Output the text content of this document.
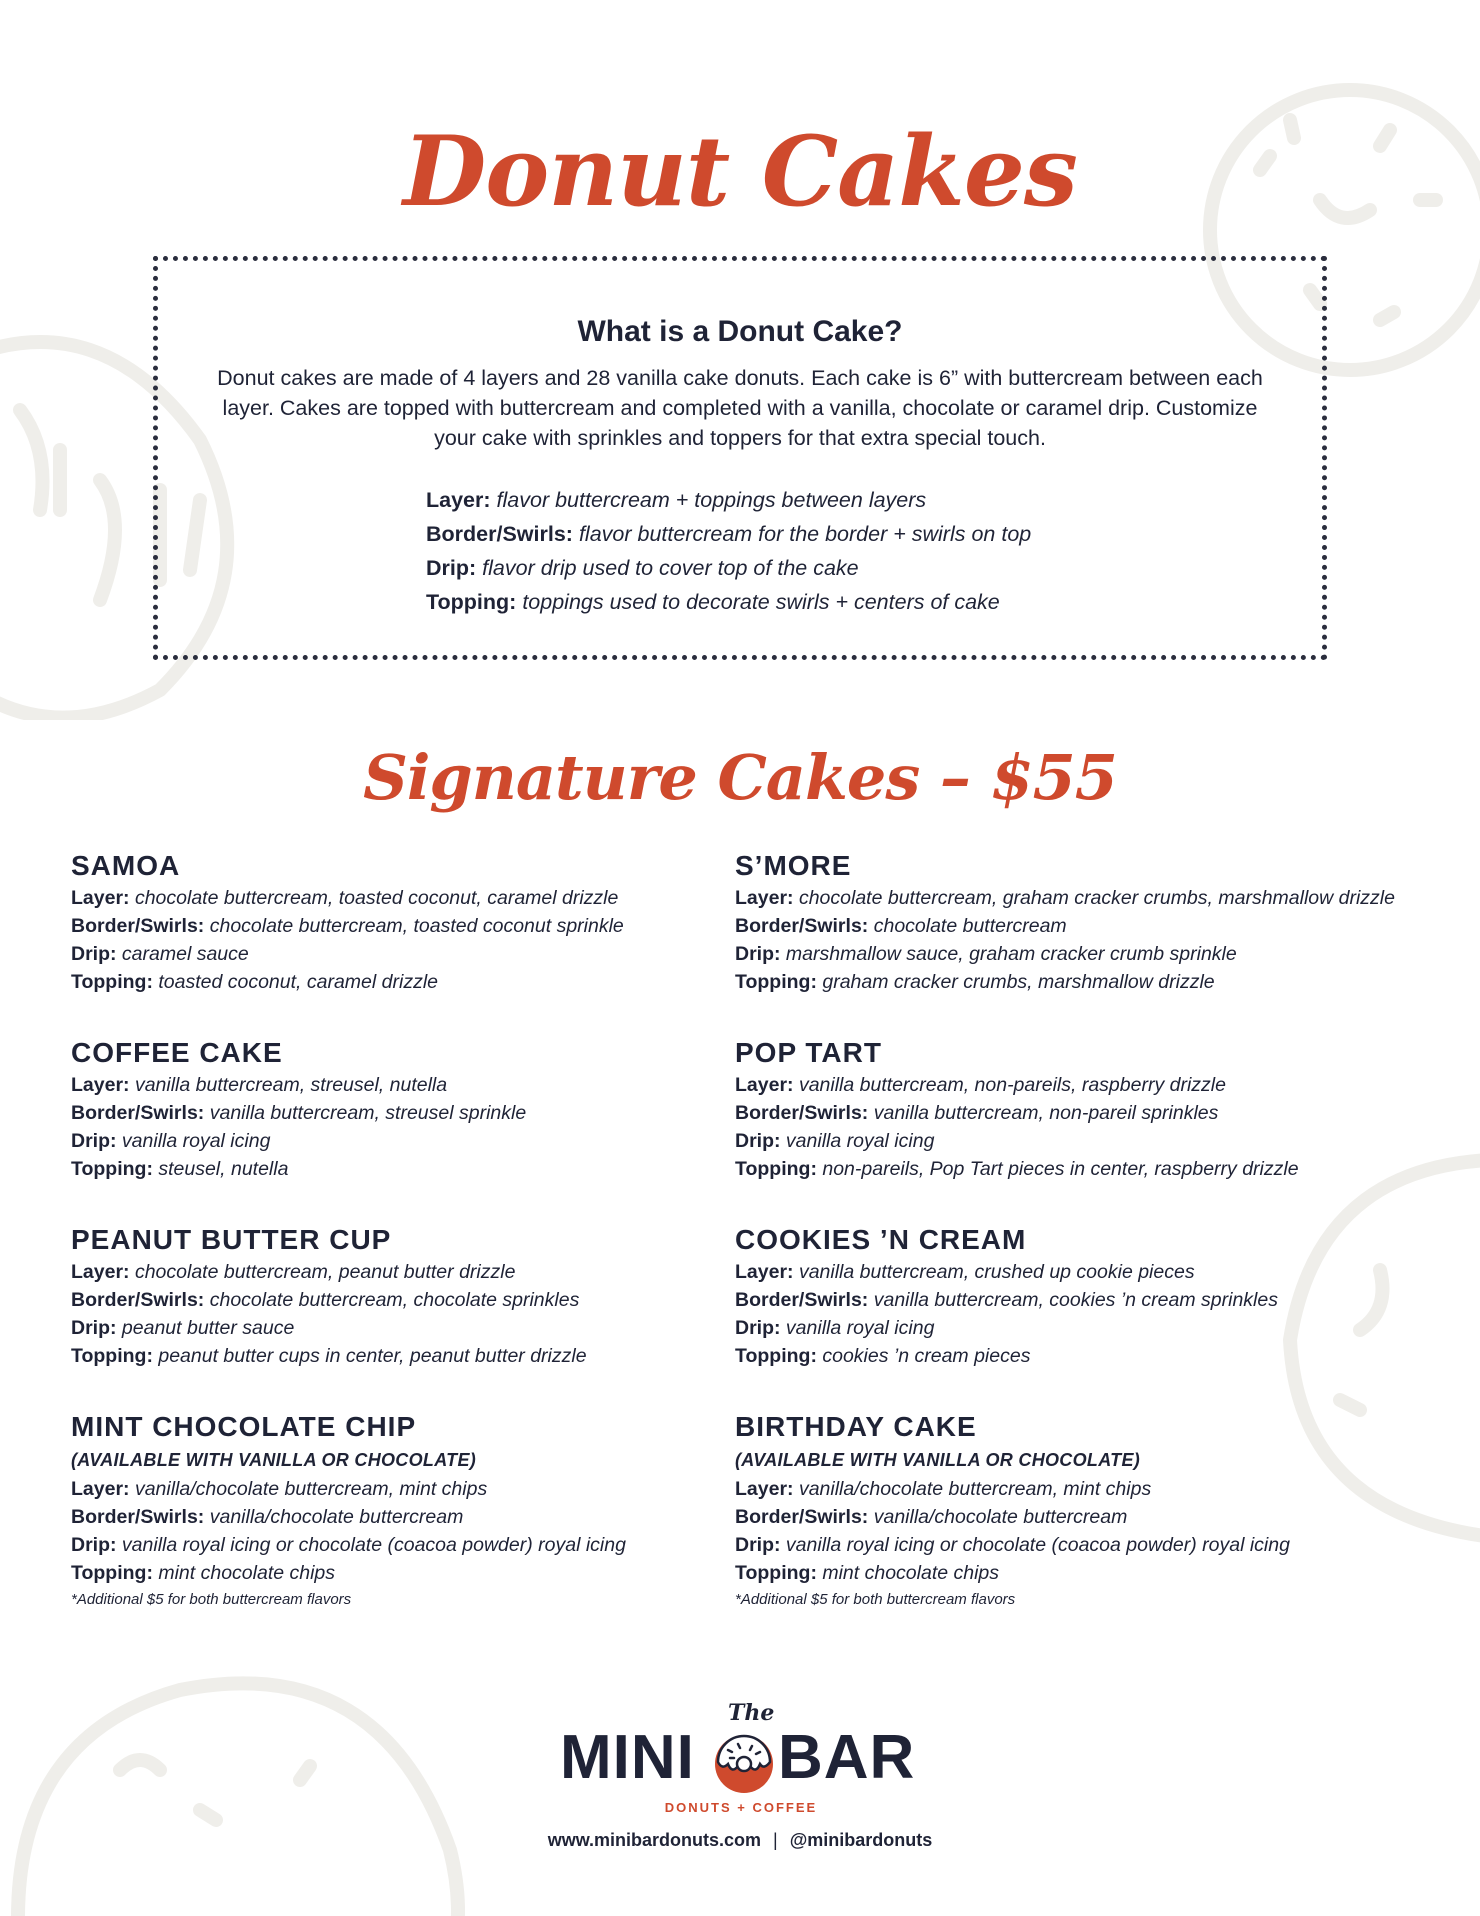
Donut Cakes
What is a Donut Cake?
Donut cakes are made of 4 layers and 28 vanilla cake donuts. Each cake is 6” with buttercream between each layer. Cakes are topped with buttercream and completed with a vanilla, chocolate or caramel drip. Customize your cake with sprinkles and toppers for that extra special touch.
Layer: flavor buttercream + toppings between layers
Border/Swirls: flavor buttercream for the border + swirls on top
Drip: flavor drip used to cover top of the cake
Topping: toppings used to decorate swirls + centers of cake
Signature Cakes – $55
SAMOA
Layer: chocolate buttercream, toasted coconut, caramel drizzle
Border/Swirls: chocolate buttercream, toasted coconut sprinkle
Drip: caramel sauce
Topping: toasted coconut, caramel drizzle
COFFEE CAKE
Layer: vanilla buttercream, streusel, nutella
Border/Swirls: vanilla buttercream, streusel sprinkle
Drip: vanilla royal icing
Topping: steusel, nutella
PEANUT BUTTER CUP
Layer: chocolate buttercream, peanut butter drizzle
Border/Swirls: chocolate buttercream, chocolate sprinkles
Drip: peanut butter sauce
Topping: peanut butter cups in center, peanut butter drizzle
MINT CHOCOLATE CHIP
(AVAILABLE WITH VANILLA OR CHOCOLATE)
Layer: vanilla/chocolate buttercream, mint chips
Border/Swirls: vanilla/chocolate buttercream
Drip: vanilla royal icing or chocolate (coacoa powder) royal icing
Topping: mint chocolate chips
*Additional $5 for both buttercream flavors
S’MORE
Layer: chocolate buttercream, graham cracker crumbs, marshmallow drizzle
Border/Swirls: chocolate buttercream
Drip: marshmallow sauce, graham cracker crumb sprinkle
Topping: graham cracker crumbs, marshmallow drizzle
POP TART
Layer: vanilla buttercream, non-pareils, raspberry drizzle
Border/Swirls: vanilla buttercream, non-pareil sprinkles
Drip: vanilla royal icing
Topping: non-pareils, Pop Tart pieces in center, raspberry drizzle
COOKIES ’N CREAM
Layer: vanilla buttercream, crushed up cookie pieces
Border/Swirls: vanilla buttercream, cookies ’n cream sprinkles
Drip: vanilla royal icing
Topping: cookies ’n cream pieces
BIRTHDAY CAKE
(AVAILABLE WITH VANILLA OR CHOCOLATE)
Layer: vanilla/chocolate buttercream, mint chips
Border/Swirls: vanilla/chocolate buttercream
Drip: vanilla royal icing or chocolate (coacoa powder) royal icing
Topping: mint chocolate chips
*Additional $5 for both buttercream flavors
The
MINI BAR
DONUTS + COFFEE
www.minibardonuts.com | @minibardonuts
